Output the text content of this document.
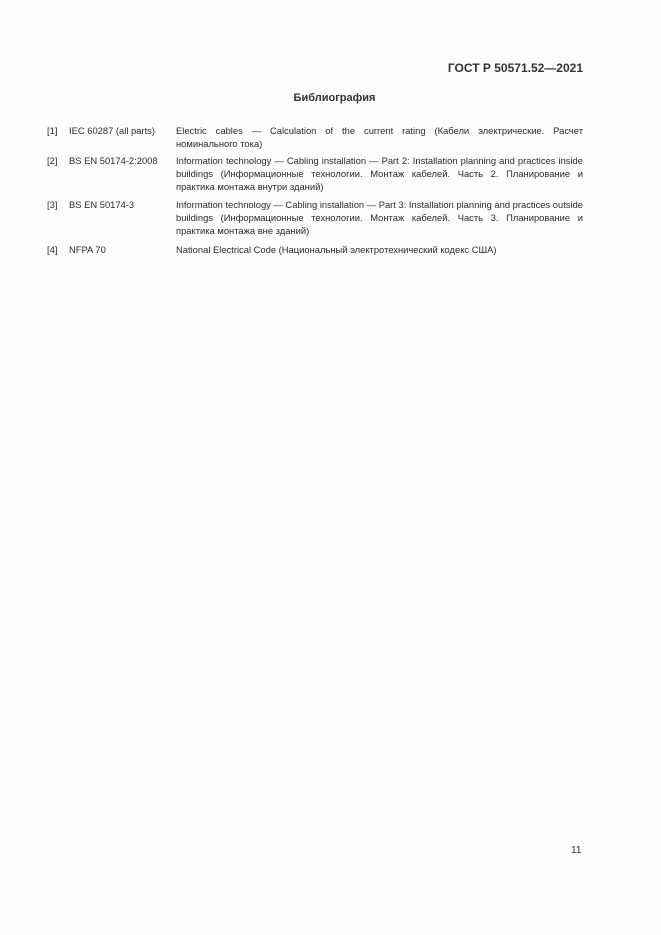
ГОСТ Р 50571.52—2021
Библиография
[1] IEC 60287 (all parts) Electric cables — Calculation of the current rating (Кабели электрические. Расчет номинального тока)
[2] BS EN 50174-2:2008 Information technology — Cabling installation — Part 2: Installation planning and practices inside buildings (Информационные технологии. Монтаж кабелей. Часть 2. Планирование и практика монтажа внутри зданий)
[3] BS EN 50174-3	Information technology — Cabling installation — Part 3: Installation planning and practices outside buildings (Информационные технологии. Монтаж кабелей. Часть 3. Планирование и практика монтажа вне зданий)
[4] NFPA 70	National Electrical Code (Национальный электротехнический кодекс США)
11
